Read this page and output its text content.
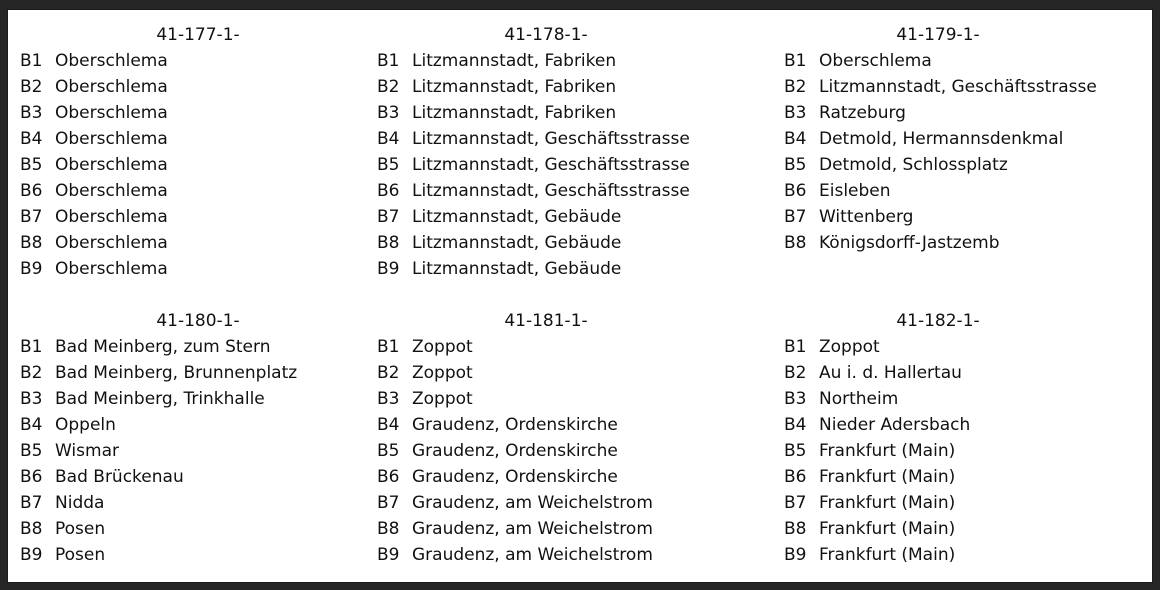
41-177-1-
B1 Oberschlema
B2 Oberschlema
B3 Oberschlema
B4 Oberschlema
B5 Oberschlema
B6 Oberschlema
B7 Oberschlema
B8 Oberschlema
B9 Oberschlema
41-178-1-
B1 Litzmannstadt, Fabriken
B2 Litzmannstadt, Fabriken
B3 Litzmannstadt, Fabriken
B4 Litzmannstadt, Geschäftsstrasse
B5 Litzmannstadt, Geschäftsstrasse
B6 Litzmannstadt, Geschäftsstrasse
B7 Litzmannstadt, Gebäude
B8 Litzmannstadt, Gebäude
B9 Litzmannstadt, Gebäude
41-179-1-
B1 Oberschlema
B2 Litzmannstadt, Geschäftsstrasse
B3 Ratzeburg
B4 Detmold, Hermannsdenkmal
B5 Detmold, Schlossplatz
B6 Eisleben
B7 Wittenberg
B8 Königsdorff-Jastzemb
41-180-1-
B1 Bad Meinberg, zum Stern
B2 Bad Meinberg, Brunnenplatz
B3 Bad Meinberg, Trinkhalle
B4 Oppeln
B5 Wismar
B6 Bad Brückenau
B7 Nidda
B8 Posen
B9 Posen
41-181-1-
B1 Zoppot
B2 Zoppot
B3 Zoppot
B4 Graudenz, Ordenskirche
B5 Graudenz, Ordenskirche
B6 Graudenz, Ordenskirche
B7 Graudenz, am Weichelstrom
B8 Graudenz, am Weichelstrom
B9 Graudenz, am Weichelstrom
41-182-1-
B1 Zoppot
B2 Au i. d. Hallertau
B3 Northeim
B4 Nieder Adersbach
B5 Frankfurt (Main)
B6 Frankfurt (Main)
B7 Frankfurt (Main)
B8 Frankfurt (Main)
B9 Frankfurt (Main)
